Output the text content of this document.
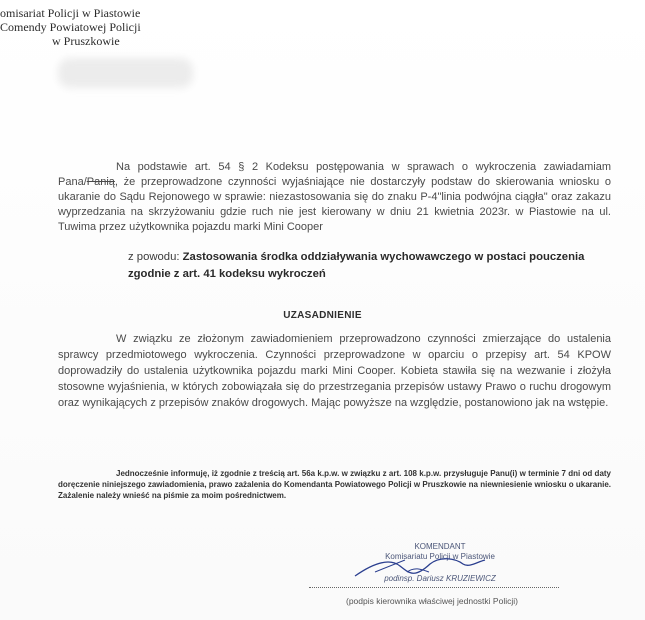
omisariat Policji w Piastowie
Comendy Powiatowej Policji
w Pruszkowie

Na podstawie art. 54 § 2 Kodeksu postępowania w sprawach o wykroczenia zawiadamiam Pana/Panią, że przeprowadzone czynności wyjaśniające nie dostarczyły podstaw do skierowania wniosku o ukaranie do Sądu Rejonowego w sprawie: niezastosowania się do znaku P-4"linia podwójna ciągła" oraz zakazu wyprzedzania na skrzyżowaniu gdzie ruch nie jest kierowany w dniu 21 kwietnia 2023r. w Piastowie na ul. Tuwima przez użytkownika pojazdu marki Mini Cooper

z powodu: Zastosowania środka oddziaływania wychowawczego w postaci pouczenia
zgodnie z art. 41 kodeksu wykroczeń
UZASADNIENIE

W związku ze złożonym zawiadomieniem przeprowadzono czynności zmierzające do ustalenia sprawcy przedmiotowego wykroczenia. Czynności przeprowadzone w oparciu o przepisy art. 54 KPOW doprowadziły do ustalenia użytkownika pojazdu marki Mini Cooper. Kobieta stawiła się na wezwanie i złożyła stosowne wyjaśnienia, w których zobowiązała się do przestrzegania przepisów ustawy Prawo o ruchu drogowym oraz wynikających z przepisów znaków drogowych. Mając powyższe na względzie, postanowiono jak na wstępie.

Jednocześnie informuję, iż zgodnie z treścią art. 56a k.p.w. w związku z art. 108 k.p.w. przysługuje Panu(i) w terminie 7 dni od daty doręczenie niniejszego zawiadomienia, prawo zażalenia do Komendanta Powiatowego Policji w Pruszkowie na niewniesienie wniosku o ukaranie. Zażalenie należy wnieść na piśmie za moim pośrednictwem.

KOMENDANT
Komisariatu Policji w Piastowie
podinsp. Dariusz KRUZIEWICZ
(podpis kierownika właściwej jednostki Policji)
